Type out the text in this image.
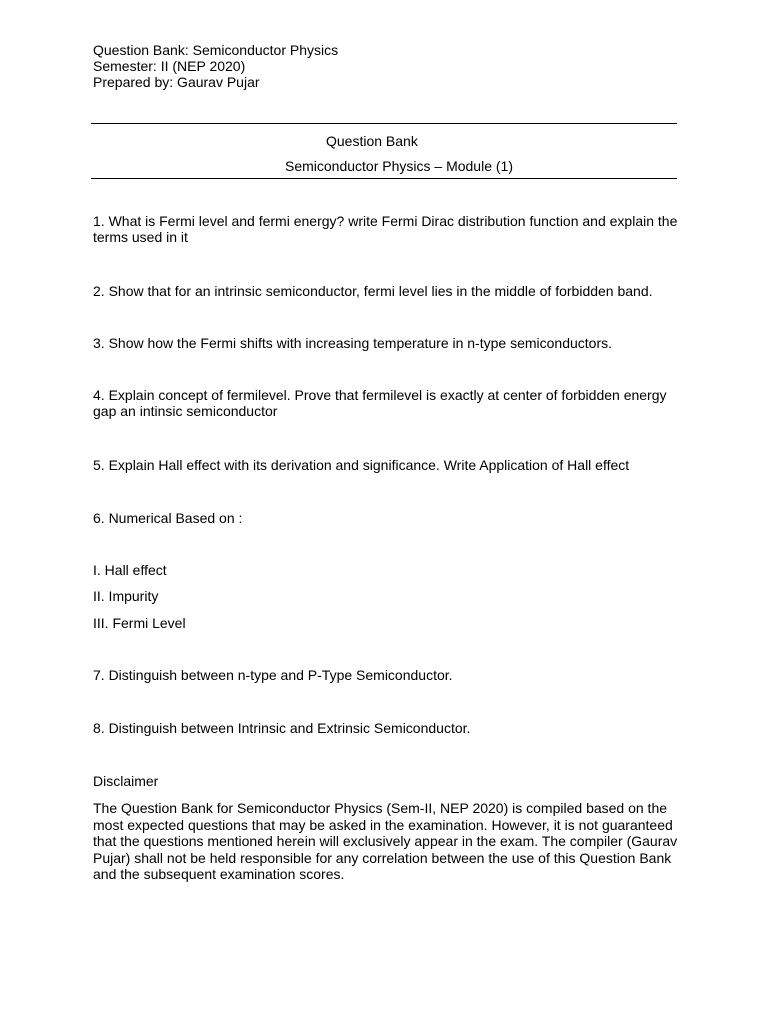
Question Bank: Semiconductor Physics
Semester: II (NEP 2020)
Prepared by: Gaurav Pujar
Question Bank
Semiconductor Physics – Module (1)
1. What is Fermi level and fermi energy? write Fermi Dirac distribution function and explain the terms used in it
2. Show that for an intrinsic semiconductor, fermi level lies in the middle of forbidden band.
3. Show how the Fermi shifts with increasing temperature in n-type semiconductors.
4. Explain concept of fermilevel. Prove that fermilevel is exactly at center of forbidden energy gap an intinsic semiconductor
5. Explain Hall effect with its derivation and significance. Write Application of Hall effect
6. Numerical Based on :
I. Hall effect
II. Impurity
III. Fermi Level
7. Distinguish between n-type and P-Type Semiconductor.
8. Distinguish between Intrinsic and Extrinsic Semiconductor.
Disclaimer
The Question Bank for Semiconductor Physics (Sem-II, NEP 2020) is compiled based on the most expected questions that may be asked in the examination. However, it is not guaranteed that the questions mentioned herein will exclusively appear in the exam. The compiler (Gaurav Pujar) shall not be held responsible for any correlation between the use of this Question Bank and the subsequent examination scores.
